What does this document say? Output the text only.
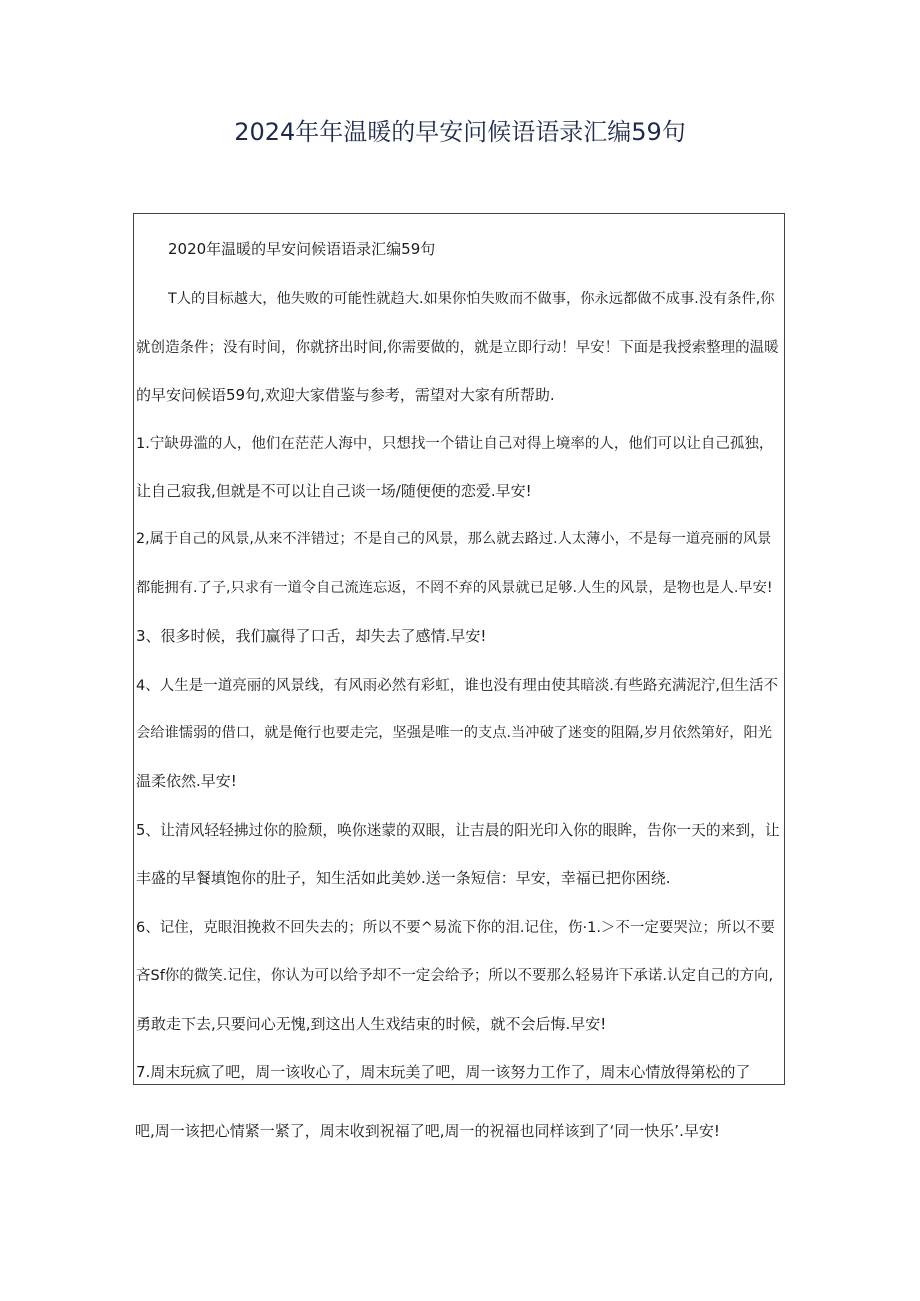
2024年年温暖的早安问候语语录汇编59句
2020年温暖的早安问候语语录汇编59句
T人的目标越大，他失败的可能性就趋大.如果你怕失败而不做事，你永远都做不成事.没有条件,你
就创造条件；没有时间，你就挤出时间,你需要做的，就是立即行动！早安！下面是我授索整理的温暖
的早安问候语59句,欢迎大家借鉴与参考，需望对大家有所帮助.
1.宁缺毋滥的人，他们在茫茫人海中，只想找一个错让自己对得上境率的人，他们可以让自己孤独，
让自己寂我,但就是不可以让自己谈一场/随便便的恋爱.早安!
2,属于自己的风景,从来不泮错过；不是自己的风景，那么就去路过.人太薄小，不是每一道亮丽的风景
都能拥有.了子,只求有一道令自己流连忘返，不罔不弃的风景就已足够.人生的风景，是物也是人.早安!
3、很多时候，我们赢得了口舌，却失去了感情.早安!
4、人生是一道亮丽的风景线，有风雨必然有彩虹，谁也没有理由使其暗淡.有些路充满泥泞,但生活不
会给谁懦弱的借口，就是俺行也要走完，坚强是唯一的支点.当冲破了迷变的阻隔,岁月依然第好，阳光
温柔依然.早安!
5、让清风轻轻拂过你的脸颓，唤你迷蒙的双眼，让吉晨的阳光印入你的眼眸，告你一天的来到，让
丰盛的早餐填饱你的肚子，知生活如此美妙.送一条短信：早安，幸福已把你困绕.
6、记住，克眼泪挽救不回失去的；所以不要^易流下你的泪.记住，伤·1.＞不一定要哭泣；所以不要
吝Sf你的微笑.记住，你认为可以给予却不一定会给予；所以不要那么轻易许下承诺.认定自己的方向,
勇敢走下去,只要问心无愧,到这出人生戏结束的时候，就不会后悔.早安!
7.周末玩疯了吧，周一该收心了，周末玩美了吧，周一该努力工作了，周末心情放得第松的了
吧,周一该把心情紧一紧了，周末收到祝福了吧,周一的祝福也同样该到了‘同一快乐’.早安!
